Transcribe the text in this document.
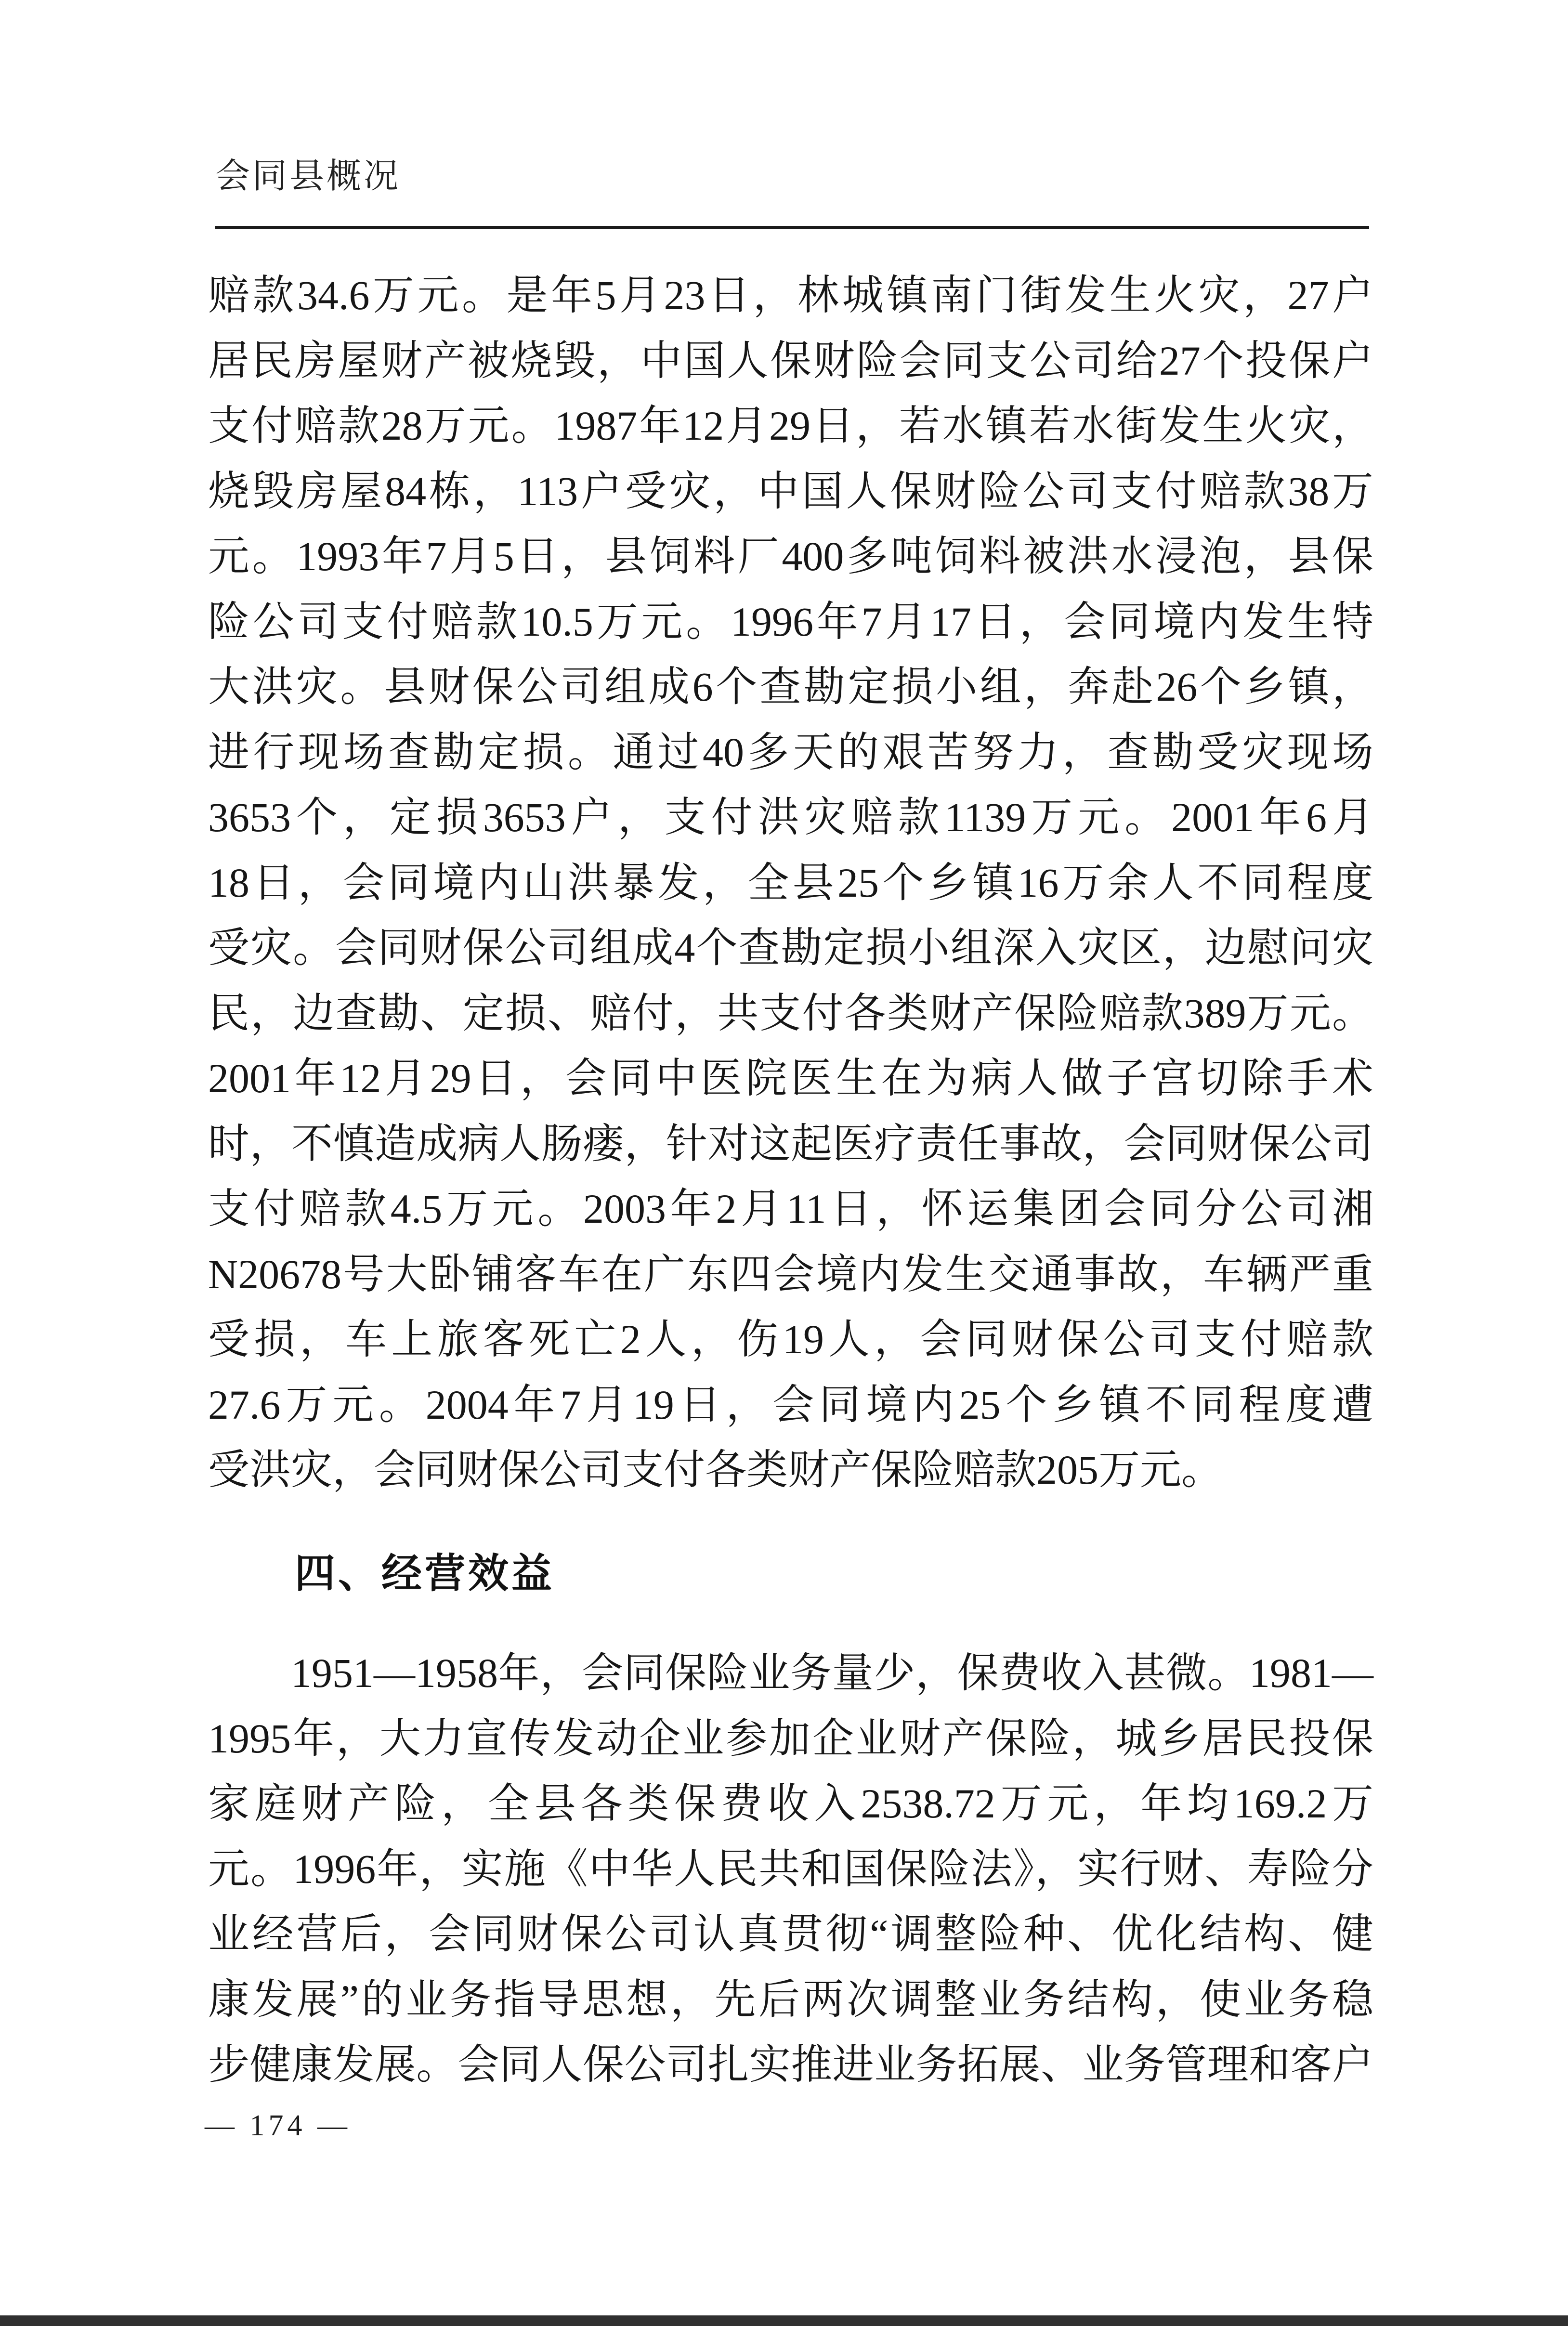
会同县概况
赔款34.6万元。是年5月23日，林城镇南门街发生火灾，27户
居民房屋财产被烧毁，中国人保财险会同支公司给27个投保户
支付赔款28万元。1987年12月29日，若水镇若水街发生火灾，
烧毁房屋84栋，113户受灾，中国人保财险公司支付赔款38万
元。1993年7月5日，县饲料厂400多吨饲料被洪水浸泡，县保
险公司支付赔款10.5万元。1996年7月17日，会同境内发生特
大洪灾。县财保公司组成6个查勘定损小组，奔赴26个乡镇，
进行现场查勘定损。通过40多天的艰苦努力，查勘受灾现场
3653个，定损3653户，支付洪灾赔款1139万元。2001年6月
18日，会同境内山洪暴发，全县25个乡镇16万余人不同程度
受灾。会同财保公司组成4个查勘定损小组深入灾区，边慰问灾
民，边查勘、定损、赔付，共支付各类财产保险赔款389万元。
2001年12月29日，会同中医院医生在为病人做子宫切除手术
时，不慎造成病人肠瘘，针对这起医疗责任事故，会同财保公司
支付赔款4.5万元。2003年2月11日，怀运集团会同分公司湘
N20678号大卧铺客车在广东四会境内发生交通事故，车辆严重
受损，车上旅客死亡2人，伤19人，会同财保公司支付赔款
27.6万元。2004年7月19日，会同境内25个乡镇不同程度遭
受洪灾，会同财保公司支付各类财产保险赔款205万元。
四、经营效益
1951—1958年，会同保险业务量少，保费收入甚微。1981—
1995年，大力宣传发动企业参加企业财产保险，城乡居民投保
家庭财产险，全县各类保费收入2538.72万元，年均169.2万
元。1996年，实施《中华人民共和国保险法》，实行财、寿险分
业经营后，会同财保公司认真贯彻“调整险种、优化结构、健
康发展”的业务指导思想，先后两次调整业务结构，使业务稳
步健康发展。会同人保公司扎实推进业务拓展、业务管理和客户
— 174 —
